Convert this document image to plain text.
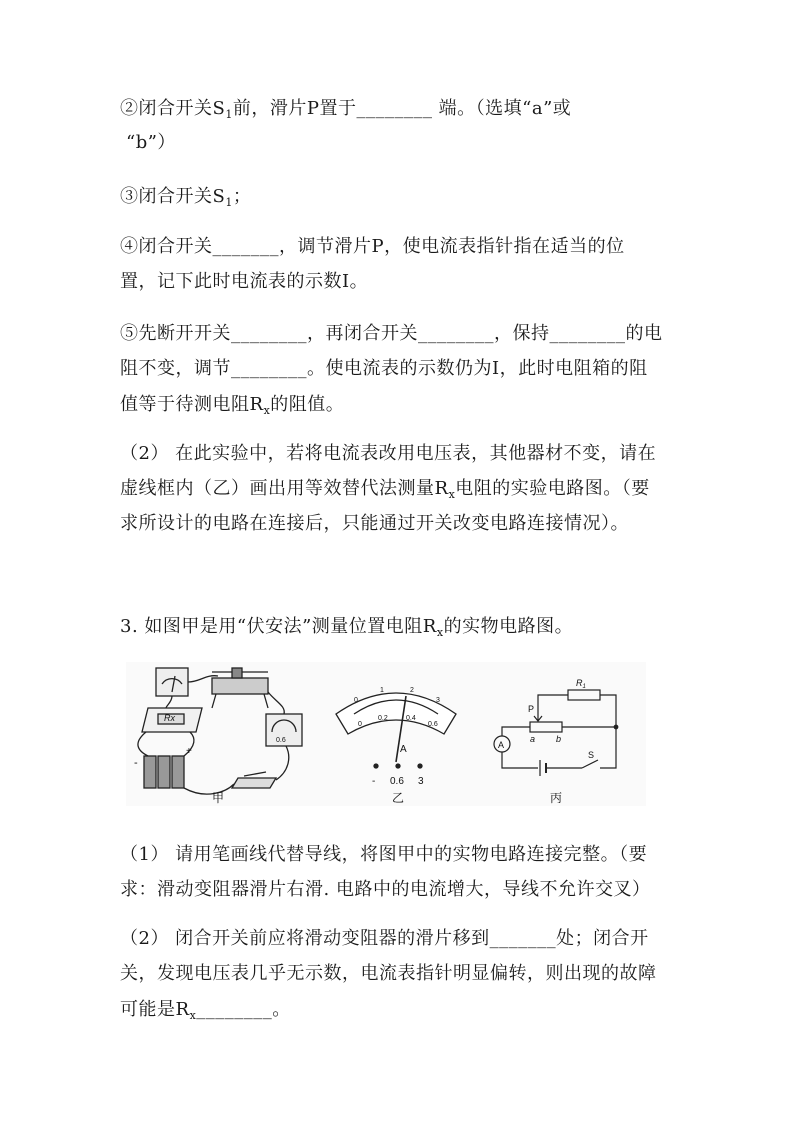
②闭合开关$S_1$前，滑片P置于________ 端。（选填“a”或
“b”）
③闭合开关$S_1$；
④闭合开关_______，调节滑片P，使电流表指针指在适当的位
置，记下此时电流表的示数I。
⑤先断开开关________，再闭合开关________，保持________的电
阻不变，调节________。使电流表的示数仍为I，此时电阻箱的阻
值等于待测电阻$R_x$的阻值。
（2） 在此实验中，若将电流表改用电压表，其他器材不变，请在
虚线框内（乙）画出用等效替代法测量$R_x$电阻的实验电路图。（要
求所设计的电路在连接后，只能通过开关改变电路连接情况）。
3. 如图甲是用“伏安法”测量位置电阻$R_x$的实物电路图。
Rx
-
+
0.6
甲
0
1	2
3
0
0.2	0.4
0.6
A
- 0.6 3
乙
$R_1$
P
a b
A
S
丙
（1） 请用笔画线代替导线，将图甲中的实物电路连接完整。（要
求：滑动变阻器滑片右滑. 电路中的电流增大，导线不允许交叉）
（2） 闭合开关前应将滑动变阻器的滑片移到_______处；闭合开
关，发现电压表几乎无示数，电流表指针明显偏转，则出现的故障
可能是$R_x\_\_\_\_\_\_\_\_$。
